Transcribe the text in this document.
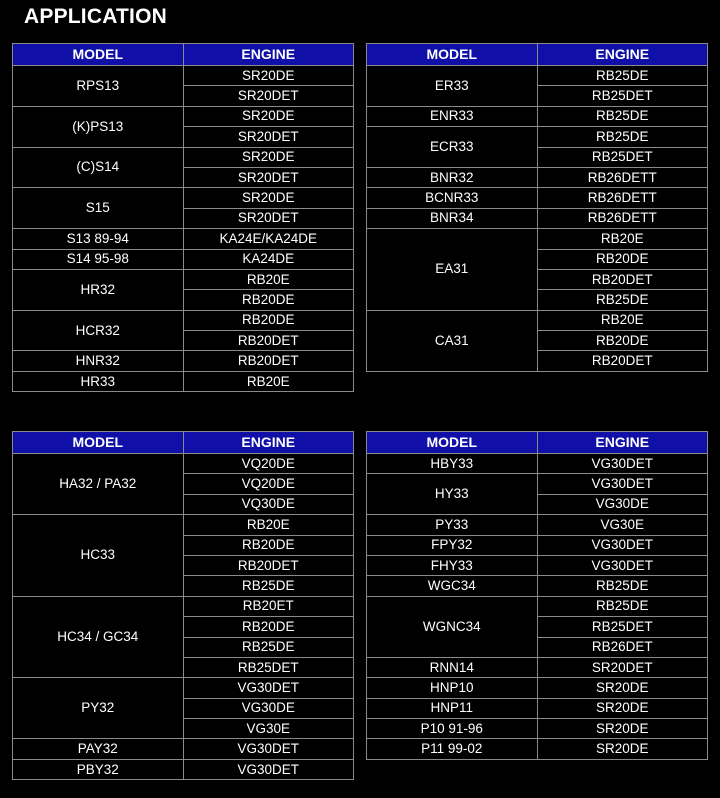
APPLICATION
MODEL	ENGINE
RPS13	SR20DE
	SR20DET
(K)PS13	SR20DE
	SR20DET
(C)S14	SR20DE
	SR20DET
S15	SR20DE
	SR20DET
S13 89-94	KA24E/KA24DE
S14 95-98	KA24DE
HR32	RB20E
	RB20DE
HCR32	RB20DE
	RB20DET
HNR32	RB20DET
HR33	RB20E
MODEL	ENGINE
ER33	RB25DE
	RB25DET
ENR33	RB25DE
ECR33	RB25DE
	RB25DET
BNR32	RB26DETT
BCNR33	RB26DETT
BNR34	RB26DETT
EA31	RB20E
	RB20DE
	RB20DET
	RB25DE
CA31	RB20E
	RB20DE
	RB20DET
MODEL	ENGINE
HA32 / PA32	VQ20DE
	VQ20DE
	VQ30DE
HC33	RB20E
	RB20DE
	RB20DET
	RB25DE
HC34 / GC34	RB20ET
	RB20DE
	RB25DE
	RB25DET
PY32	VG30DET
	VG30DE
	VG30E
PAY32	VG30DET
PBY32	VG30DET
MODEL	ENGINE
HBY33	VG30DET
HY33	VG30DET
	VG30DE
PY33	VG30E
FPY32	VG30DET
FHY33	VG30DET
WGC34	RB25DE
WGNC34	RB25DE
	RB25DET
	RB26DET
RNN14	SR20DET
HNP10	SR20DE
HNP11	SR20DE
P10 91-96	SR20DE
P11 99-02	SR20DE
